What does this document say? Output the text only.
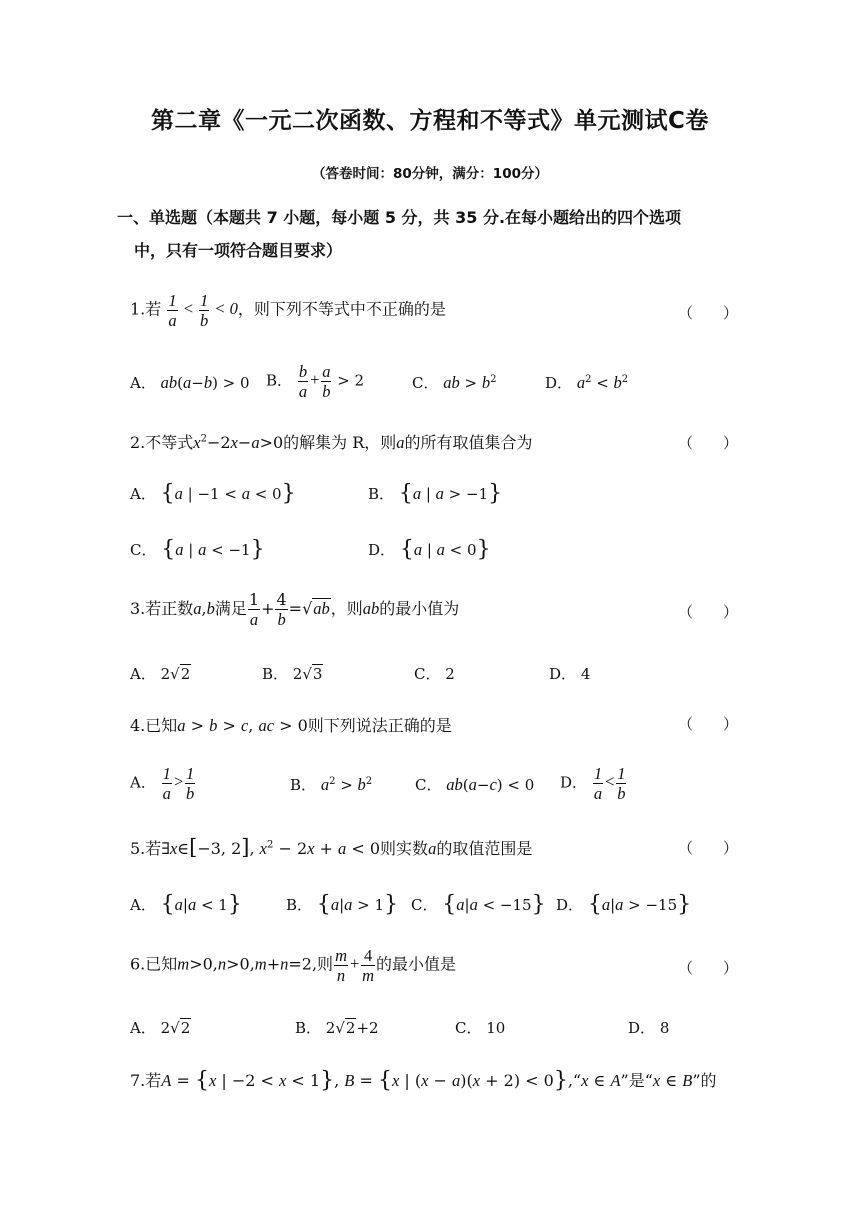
第二章《一元二次函数、方程和不等式》单元测试C卷
（答卷时间：80分钟，满分：100分）
一、单选题（本题共 7 小题，每小题 5 分，共 35 分.在每小题给出的四个选项
中，只有一项符合题目要求）
1.若 $\frac{1}{a} < \frac{1}{b} < 0$，则下列不等式中不正确的是	（　　）
A． ab(a−b) > 0 B． $\frac{b}{a} + \frac{a}{b} > 2$	C． ab > $b^2$	D． $a^2 < b^2$
2.不等式$x^2-2x-a>0$的解集为 R，则a的所有取值集合为	（　　）
A． {a | −1 < a < 0}	B． {a | a > −1}
C． {a | a < −1}	D． {a | a < 0}
3.若正数a,b满足 $\frac{1}{a} + \frac{4}{b} =√ab$，则ab的最小值为	（　　）
A． 2√2	B． 2√3	C． 2	D． 4
4.已知a > b > c, ac > 0则下列说法正确的是	（　　）
A． $\frac{1}{a} > \frac{1}{b}$	B． $a^2 > b^2$	C． ab(a−c) < 0 D． $\frac{1}{a} < \frac{1}{b}$
5.若∃x∈[−3, 2], $x^2 - 2x + a < 0$则实数a的取值范围是	（　　）
A． {a|a < 1}	B． {a|a > 1} C． {a|a < −15} D． {a|a > −15}
6.已知m>0,n>0,m+n=2,则 $\frac{m}{n} + \frac{4}{m}$ 的最小值是	（　　）
A． 2√2	B． 2√2+2	C． 10	D． 8
7.若A = {x | −2 < x < 1}, B = {x | (x − a)(x + 2) < 0},“x ∈ A”是“x ∈ B”的
